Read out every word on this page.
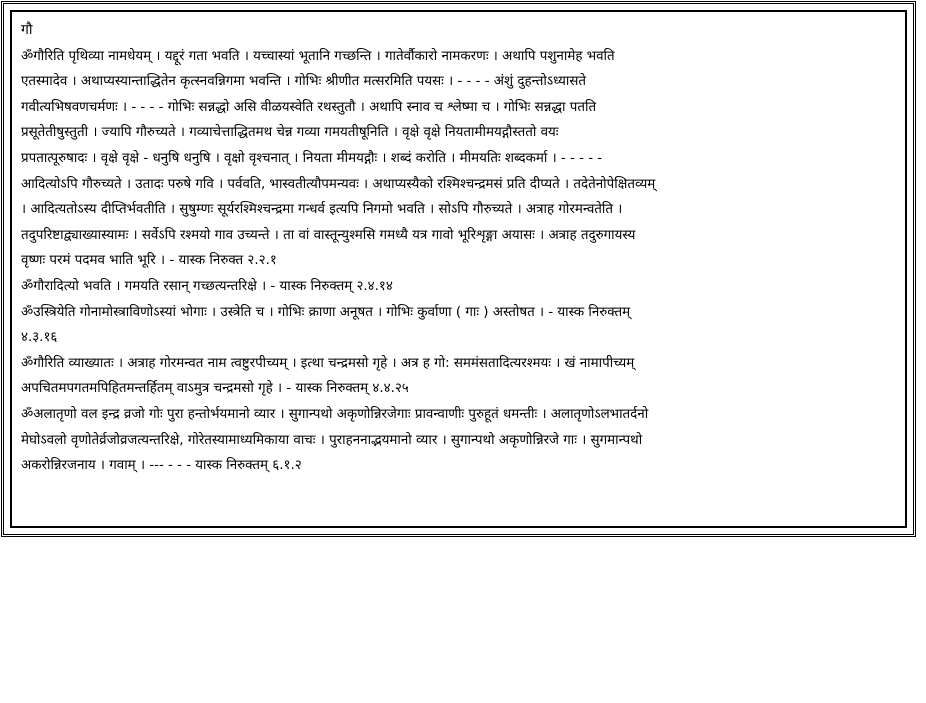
गौ
ॐगौरिति पृथिव्या नामधेयम् । यद्दूरं गता भवति । यच्चास्यां भूतानि गच्छन्ति । गातेर्वौकारो नामकरणः । अथापि पशुनामेह भवति
एतस्मादेव । अथाप्यस्यान्ताद्धितेन कृत्स्नवन्निगमा भवन्ति । गोभिः श्रीणीत मत्सरमिति पयसः । - - - - अंशुं दुहन्तोऽध्यासते
गवीत्यभिषवणचर्मणः । - - - - गोभिः सन्नद्धो असि वीळयस्वेति रथस्तुतौ । अथापि स्नाव च श्लेष्मा च । गोभिः सन्नद्धा पतति
प्रसूतेतीषुस्तुती । ज्यापि गौरुच्यते । गव्याचेत्ताद्धितमथ चेन्न गव्या गमयतीषूनिति । वृक्षे वृक्षे नियतामीमयद्गौस्ततो वयः
प्रपतात्पूरुषादः । वृक्षे वृक्षे - धनुषि धनुषि । वृक्षो वृश्चनात् । नियता मीमयद्गौः । शब्दं करोति । मीमयतिः शब्दकर्मा । - - - - -
आदित्योऽपि गौरुच्यते । उतादः परुषे गवि । पर्ववति, भास्वतीत्यौपमन्यवः । अथाप्यस्यैको रश्मिश्चन्द्रमसं प्रति दीप्यते । तदेतेनोपेक्षितव्यम्
। आदित्यतोऽस्य दीप्तिर्भवतीति । सुषुम्णः सूर्यरश्मिश्चन्द्रमा गन्धर्व इत्यपि निगमो भवति । सोऽपि गौरुच्यते । अत्राह गोरमन्वतेति ।
तदुपरिष्टाद्व्याख्यास्यामः । सर्वेऽपि रश्मयो गाव उच्यन्ते । ता वां वास्तून्युश्मसि गमध्यै यत्र गावो भूरिशृङ्गा अयासः । अत्राह तदुरुगायस्य
वृष्णः परमं पदमव भाति भूरि । - यास्क निरुक्त २.२.१
ॐगौरादित्यो भवति । गमयति रसान् गच्छत्यन्तरिक्षे । - यास्क निरुक्तम् २.४.१४
ॐउस्त्रियेति गोनामोस्त्राविणोऽस्यां भोगाः । उस्त्रेति च । गोभिः क्राणा अनूषत । गोभिः कुर्वाणा ( गाः ) अस्तोषत । - यास्क निरुक्तम्
४.३.१६
ॐगौरिति व्याख्यातः । अत्राह गोरमन्वत नाम त्वष्टुरपीच्यम् । इत्था चन्द्रमसो गृहे । अत्र ह गो: सममंसतादित्यरश्मयः । खं नामापीच्यम्
अपचितमपगतमपिहितमन्तर्हितम् वाऽमुत्र चन्द्रमसो गृहे । - यास्क निरुक्तम् ४.४.२५
ॐअलातृणो वल इन्द्र व्रजो गोः पुरा हन्तोर्भयमानो व्यार । सुगान्पथो अकृणोन्निरजेगाः प्रावन्वाणीः पुरुहूतं धमन्तीः । अलातृणोऽलभातर्दनो
मेघोऽवलो वृणोतेर्व्रजोव्रजत्यन्तरिक्षे, गोरेतस्यामाध्यमिकाया वाचः । पुराहननाद्भयमानो व्यार । सुगान्पथो अकृणोन्निरजे गाः । सुगमान्पथो
अकरोन्निरजनाय । गवाम् । --- - - - यास्क निरुक्तम् ६.१.२
